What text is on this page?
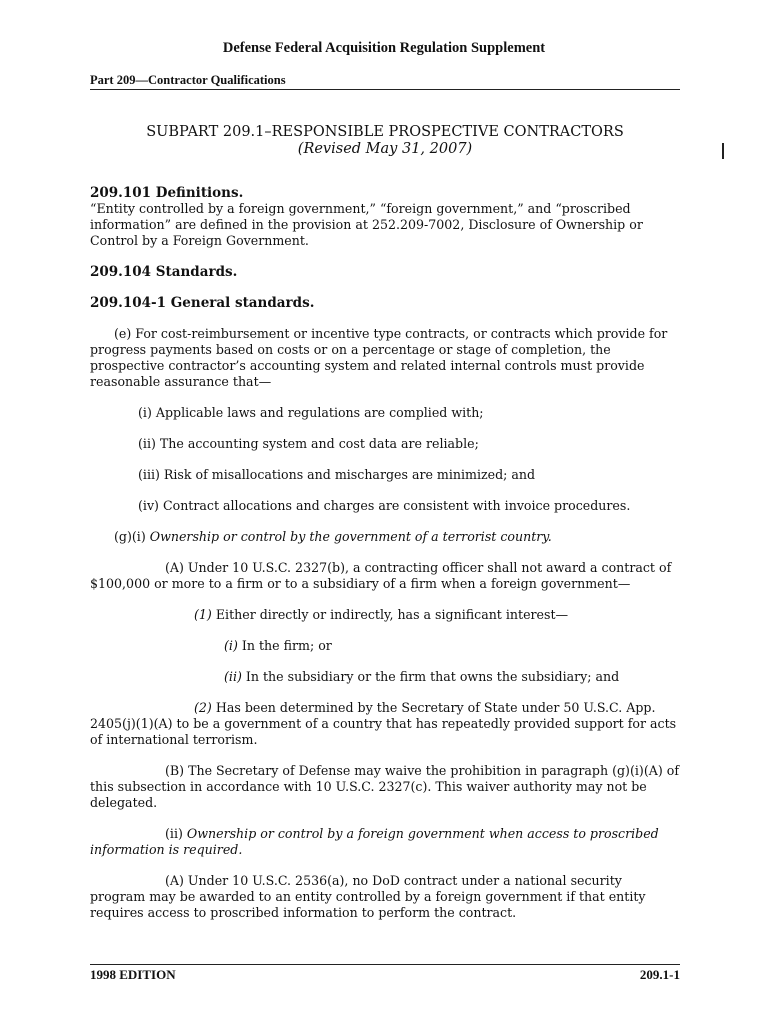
Defense Federal Acquisition Regulation Supplement
Part 209—Contractor Qualifications
SUBPART 209.1–RESPONSIBLE PROSPECTIVE CONTRACTORS
(Revised May 31, 2007)

209.101 Definitions.

“Entity controlled by a foreign government,” “foreign government,” and “proscribed information” are defined in the provision at 252.209-7002, Disclosure of Ownership or Control by a Foreign Government.

209.104 Standards.

209.104-1 General standards.

(e) For cost-reimbursement or incentive type contracts, or contracts which provide for progress payments based on costs or on a percentage or stage of completion, the prospective contractor’s accounting system and related internal controls must provide reasonable assurance that—

(i) Applicable laws and regulations are complied with;

(ii) The accounting system and cost data are reliable;

(iii) Risk of misallocations and mischarges are minimized; and

(iv) Contract allocations and charges are consistent with invoice procedures.

(g)(i) Ownership or control by the government of a terrorist country.

(A) Under 10 U.S.C. 2327(b), a contracting officer shall not award a contract of $100,000 or more to a firm or to a subsidiary of a firm when a foreign government—

(1) Either directly or indirectly, has a significant interest—

(i) In the firm; or

(ii) In the subsidiary or the firm that owns the subsidiary; and

(2) Has been determined by the Secretary of State under 50 U.S.C. App. 2405(j)(1)(A) to be a government of a country that has repeatedly provided support for acts of international terrorism.

(B) The Secretary of Defense may waive the prohibition in paragraph (g)(i)(A) of this subsection in accordance with 10 U.S.C. 2327(c). This waiver authority may not be delegated.

(ii) Ownership or control by a foreign government when access to proscribed information is required.

(A) Under 10 U.S.C. 2536(a), no DoD contract under a national security program may be awarded to an entity controlled by a foreign government if that entity requires access to proscribed information to perform the contract.

1998 EDITION	209.1-1
